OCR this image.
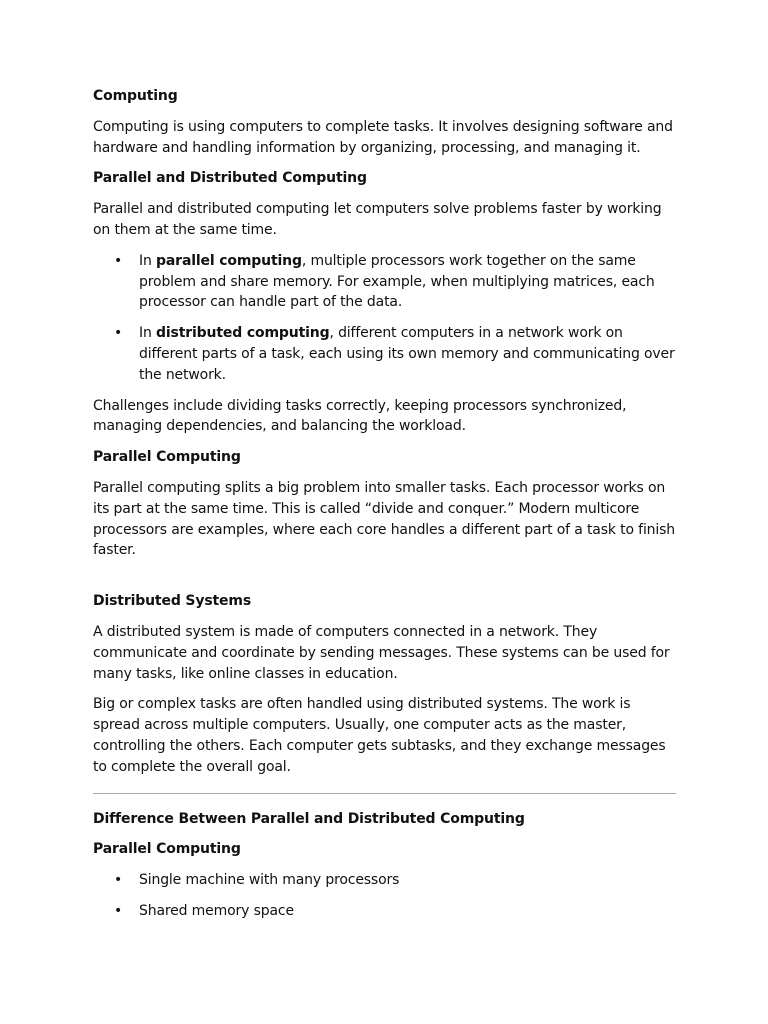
Computing
Computing is using computers to complete tasks. It involves designing software and hardware and handling information by organizing, processing, and managing it.
Parallel and Distributed Computing
Parallel and distributed computing let computers solve problems faster by working on them at the same time.
• In parallel computing, multiple processors work together on the same problem and share memory. For example, when multiplying matrices, each processor can handle part of the data.
• In distributed computing, different computers in a network work on different parts of a task, each using its own memory and communicating over the network.
Challenges include dividing tasks correctly, keeping processors synchronized, managing dependencies, and balancing the workload.
Parallel Computing
Parallel computing splits a big problem into smaller tasks. Each processor works on its part at the same time. This is called “divide and conquer.” Modern multicore processors are examples, where each core handles a different part of a task to finish faster.
Distributed Systems
A distributed system is made of computers connected in a network. They communicate and coordinate by sending messages. These systems can be used for many tasks, like online classes in education.
Big or complex tasks are often handled using distributed systems. The work is spread across multiple computers. Usually, one computer acts as the master, controlling the others. Each computer gets subtasks, and they exchange messages to complete the overall goal.
Difference Between Parallel and Distributed Computing
Parallel Computing
• Single machine with many processors
• Shared memory space
